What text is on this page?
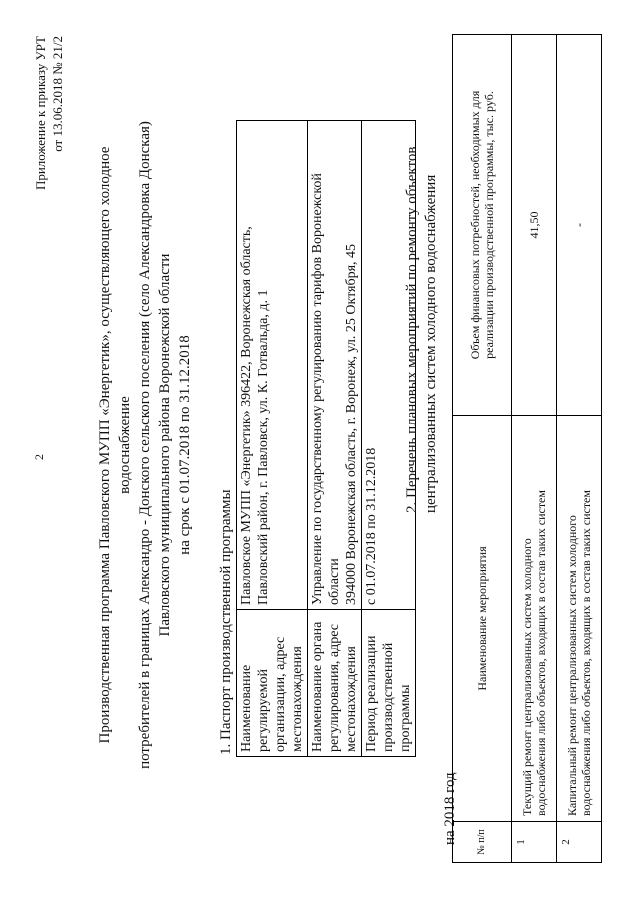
2
Приложение к приказу УРТ от 13.06.2018 № 21/2
Производственная программа Павловского МУПП «Энергетик», осуществляющего холодное водоснабжение потребителей в границах Александро - Донского сельского поселения (село Александровка Донская) Павловского муниципального района Воронежской области на срок с 01.07.2018 по 31.12.2018
1. Паспорт производственной программы Наименование регулируемой организации, адрес местонахождения	Павловское МУПП «Энергетик» 396422, Воронежская область, Павловский район, г. Павловск, ул. К. Готвальда, д. 1

Наименование органа регулирования, адрес местонахождения	Управление по государственному регулированию тарифов Воронежской области 394000 Воронежская область, г. Воронеж, ул. 25 Октября, 45

Период реализации производственной программы	с 01.07.2018 по 31.12.2018
2. Перечень плановых мероприятий по ремонту объектов централизованных систем холодного водоснабжения
на 2018 год № п/п	Наименование мероприятия	Объем финансовых потребностей, необходимых для реализации производственной программы, тыс. руб.

1	Текущий ремонт централизованных систем холодного водоснабжения либо объектов, входящих в состав таких систем	41,50
2	Капитальный ремонт централизованных систем холодного водоснабжения либо объектов, входящих в состав таких систем	-
